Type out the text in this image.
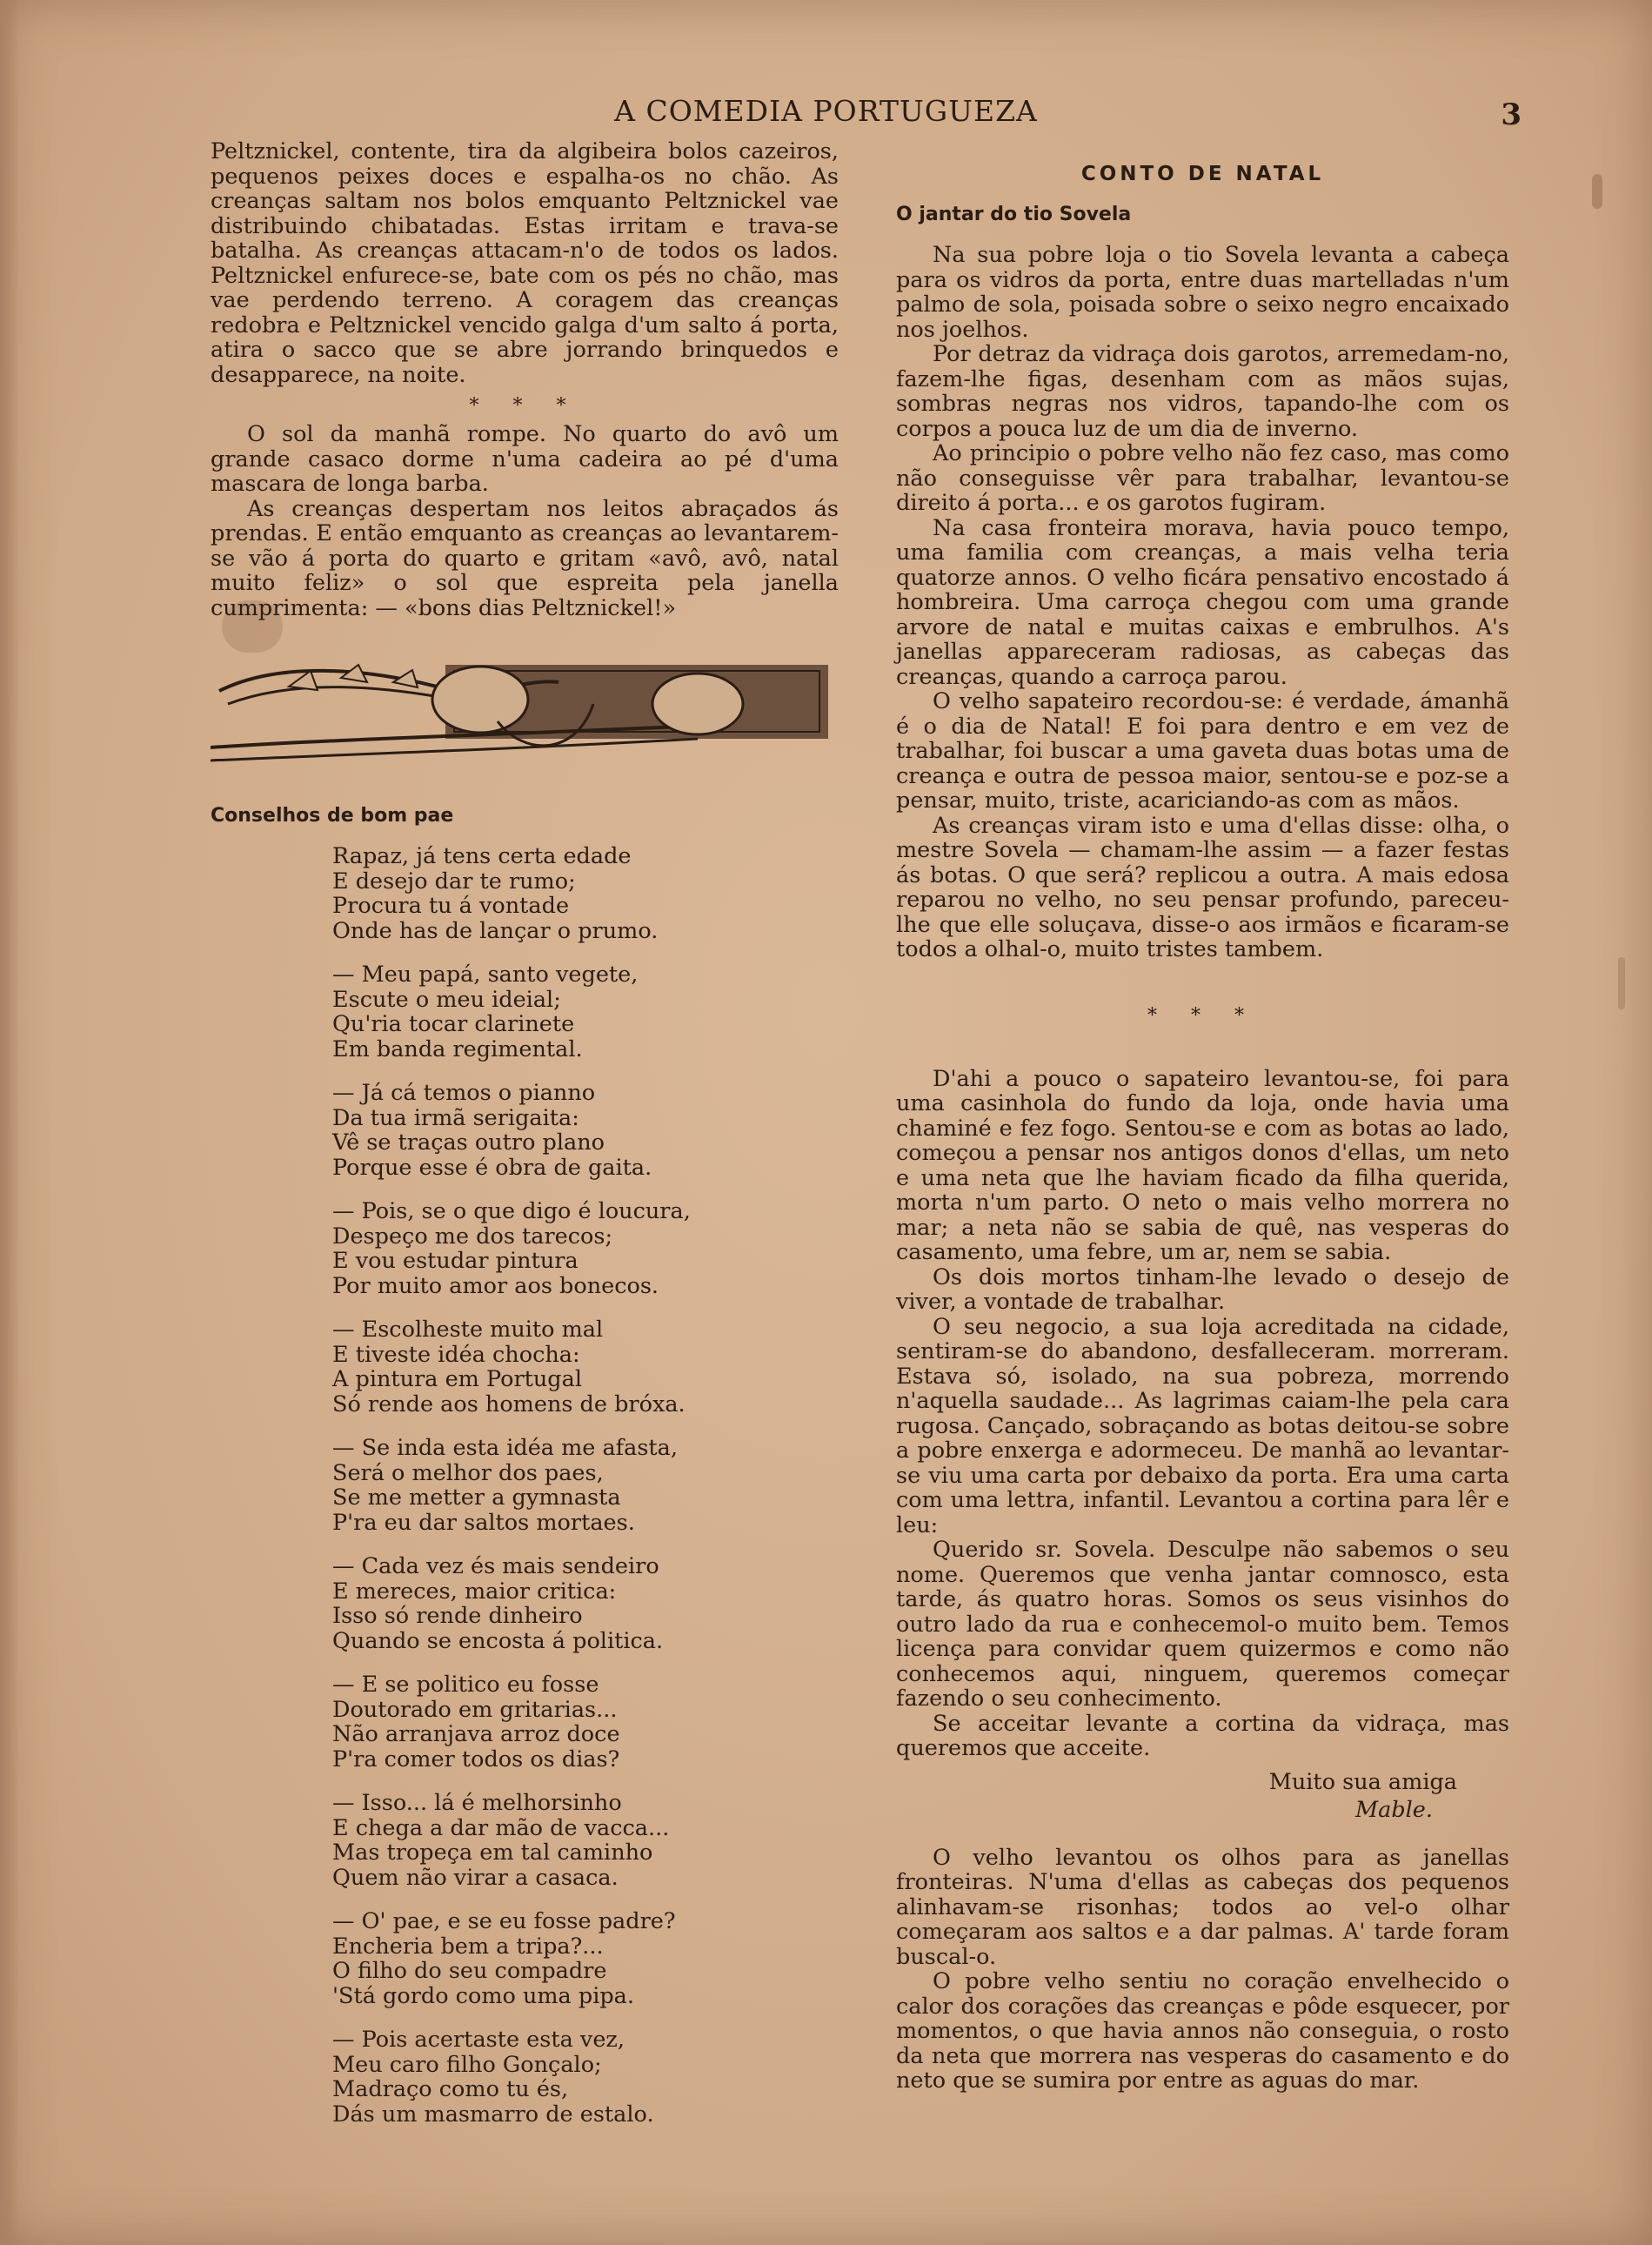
A COMEDIA PORTUGUEZA	3

Peltznickel, contente, tira da algibeira bolos cazeiros, pequenos peixes doces e espalha-os no chão. As creanças saltam nos bolos emquanto Peltznickel vae distribuindo chibatadas. Estas irritam e trava-se batalha. As creanças attacam-n'o de todos os lados. Peltznickel enfurece-se, bate com os pés no chão, mas vae perdendo terreno. A coragem das creanças redobra e Peltznickel vencido galga d'um salto á porta, atira o sacco que se abre jorrando brinquedos e desapparece, na noite.

* * *

O sol da manhã rompe. No quarto do avô um grande casaco dorme n'uma cadeira ao pé d'uma mascara de longa barba.

As creanças despertam nos leitos abraçados ás prendas. E então emquanto as creanças ao levantarem-se vão á porta do quarto e gritam «avô, avô, natal muito feliz» o sol que espreita pela janella cumprimenta: — «bons dias Peltznickel!»

Conselhos de bom pae
Rapaz, já tens certa edade
E desejo dar te rumo;
Procura tu á vontade
Onde has de lançar o prumo.
— Meu papá, santo vegete,
Escute o meu ideial;
Qu'ria tocar clarinete
Em banda regimental.
— Já cá temos o pianno
Da tua irmã serigaita:
Vê se traças outro plano
Porque esse é obra de gaita.
— Pois, se o que digo é loucura,
Despeço me dos tarecos;
E vou estudar pintura
Por muito amor aos bonecos.
— Escolheste muito mal
E tiveste idéa chocha:
A pintura em Portugal
Só rende aos homens de bróxa.
— Se inda esta idéa me afasta,
Será o melhor dos paes,
Se me metter a gymnasta
P'ra eu dar saltos mortaes.
— Cada vez és mais sendeiro
E mereces, maior critica:
Isso só rende dinheiro
Quando se encosta á politica.
— E se politico eu fosse
Doutorado em gritarias...
Não arranjava arroz doce
P'ra comer todos os dias?
— Isso... lá é melhorsinho
E chega a dar mão de vacca...
Mas tropeça em tal caminho
Quem não virar a casaca.
— O' pae, e se eu fosse padre?
Encheria bem a tripa?...
O filho do seu compadre
'Stá gordo como uma pipa.
— Pois acertaste esta vez,
Meu caro filho Gonçalo;
Madraço como tu és,
Dás um masmarro de estalo.
CONTO DE NATAL
O jantar do tio Sovela

Na sua pobre loja o tio Sovela levanta a cabeça para os vidros da porta, entre duas martelladas n'um palmo de sola, poisada sobre o seixo negro encaixado nos joelhos.

Por detraz da vidraça dois garotos, arremedam-no, fazem-lhe figas, desenham com as mãos sujas, sombras negras nos vidros, tapando-lhe com os corpos a pouca luz de um dia de inverno.

Ao principio o pobre velho não fez caso, mas como não conseguisse vêr para trabalhar, levantou-se direito á porta... e os garotos fugiram.

Na casa fronteira morava, havia pouco tempo, uma familia com creanças, a mais velha teria quatorze annos. O velho ficára pensativo encostado á hombreira. Uma carroça chegou com uma grande arvore de natal e muitas caixas e embrulhos. A's janellas appareceram radiosas, as cabeças das creanças, quando a carroça parou.

O velho sapateiro recordou-se: é verdade, ámanhã é o dia de Natal! E foi para dentro e em vez de trabalhar, foi buscar a uma gaveta duas botas uma de creança e outra de pessoa maior, sentou-se e poz-se a pensar, muito, triste, acariciando-as com as mãos.

As creanças viram isto e uma d'ellas disse: olha, o mestre Sovela — chamam-lhe assim — a fazer festas ás botas. O que será? replicou a outra. A mais edosa reparou no velho, no seu pensar profundo, pareceu-lhe que elle soluçava, disse-o aos irmãos e ficaram-se todos a olhal-o, muito tristes tambem.

* * *

D'ahi a pouco o sapateiro levantou-se, foi para uma casinhola do fundo da loja, onde havia uma chaminé e fez fogo. Sentou-se e com as botas ao lado, começou a pensar nos antigos donos d'ellas, um neto e uma neta que lhe haviam ficado da filha querida, morta n'um parto. O neto o mais velho morrera no mar; a neta não se sabia de quê, nas vesperas do casamento, uma febre, um ar, nem se sabia.

Os dois mortos tinham-lhe levado o desejo de viver, a vontade de trabalhar.

O seu negocio, a sua loja acreditada na cidade, sentiram-se do abandono, desfalleceram. morreram. Estava só, isolado, na sua pobreza, morrendo n'aquella saudade... As lagrimas caiam-lhe pela cara rugosa. Cançado, sobraçando as botas deitou-se sobre a pobre enxerga e adormeceu. De manhã ao levantar-se viu uma carta por debaixo da porta. Era uma carta com uma lettra, infantil. Levantou a cortina para lêr e leu:

Querido sr. Sovela. Desculpe não sabemos o seu nome. Queremos que venha jantar comnosco, esta tarde, ás quatro horas. Somos os seus visinhos do outro lado da rua e conhecemol-o muito bem. Temos licença para convidar quem quizermos e como não conhecemos aqui, ninguem, queremos começar fazendo o seu conhecimento.

Se acceitar levante a cortina da vidraça, mas queremos que acceite.

Muito sua amiga
Mable.

O velho levantou os olhos para as janellas fronteiras. N'uma d'ellas as cabeças dos pequenos alinhavam-se risonhas; todos ao vel-o olhar começaram aos saltos e a dar palmas. A' tarde foram buscal-o.

O pobre velho sentiu no coração envelhecido o calor dos corações das creanças e pôde esquecer, por momentos, o que havia annos não conseguia, o rosto da neta que morrera nas vesperas do casamento e do neto que se sumira por entre as aguas do mar.
